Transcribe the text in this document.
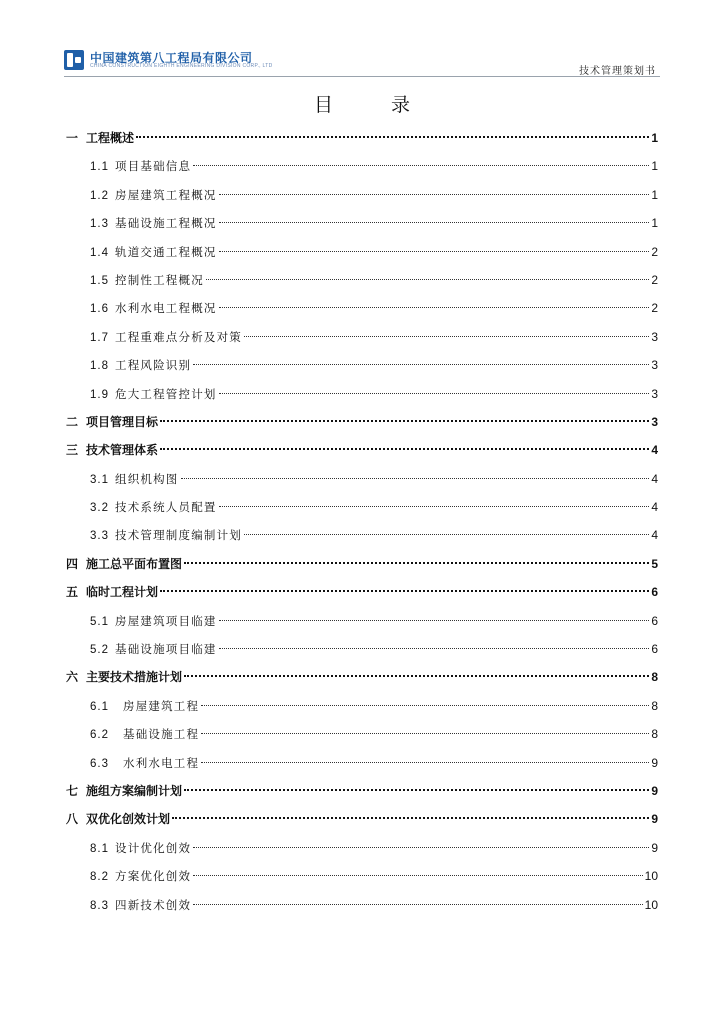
中国建筑第八工程局有限公司
CHINA CONSTRUCTION EIGHTH ENGINEERING DIVISION CORP., LTD	技术管理策划书
目 录
一 工程概述	1
1.1 项目基础信息	1
1.2 房屋建筑工程概况	1
1.3 基础设施工程概况	1
1.4 轨道交通工程概况	2
1.5 控制性工程概况	2
1.6 水利水电工程概况	2
1.7 工程重难点分析及对策	3
1.8 工程风险识别	3
1.9 危大工程管控计划	3
二 项目管理目标	3
三 技术管理体系	4
3.1 组织机构图	4
3.2 技术系统人员配置	4
3.3 技术管理制度编制计划	4
四 施工总平面布置图	5
五 临时工程计划	6
5.1 房屋建筑项目临建	6
5.2 基础设施项目临建	6
六 主要技术措施计划	8
6.1 房屋建筑工程	8
6.2 基础设施工程	8
6.3 水利水电工程	9
七 施组方案编制计划	9
八 双优化创效计划	9
8.1 设计优化创效	9
8.2 方案优化创效	10
8.3 四新技术创效	10
